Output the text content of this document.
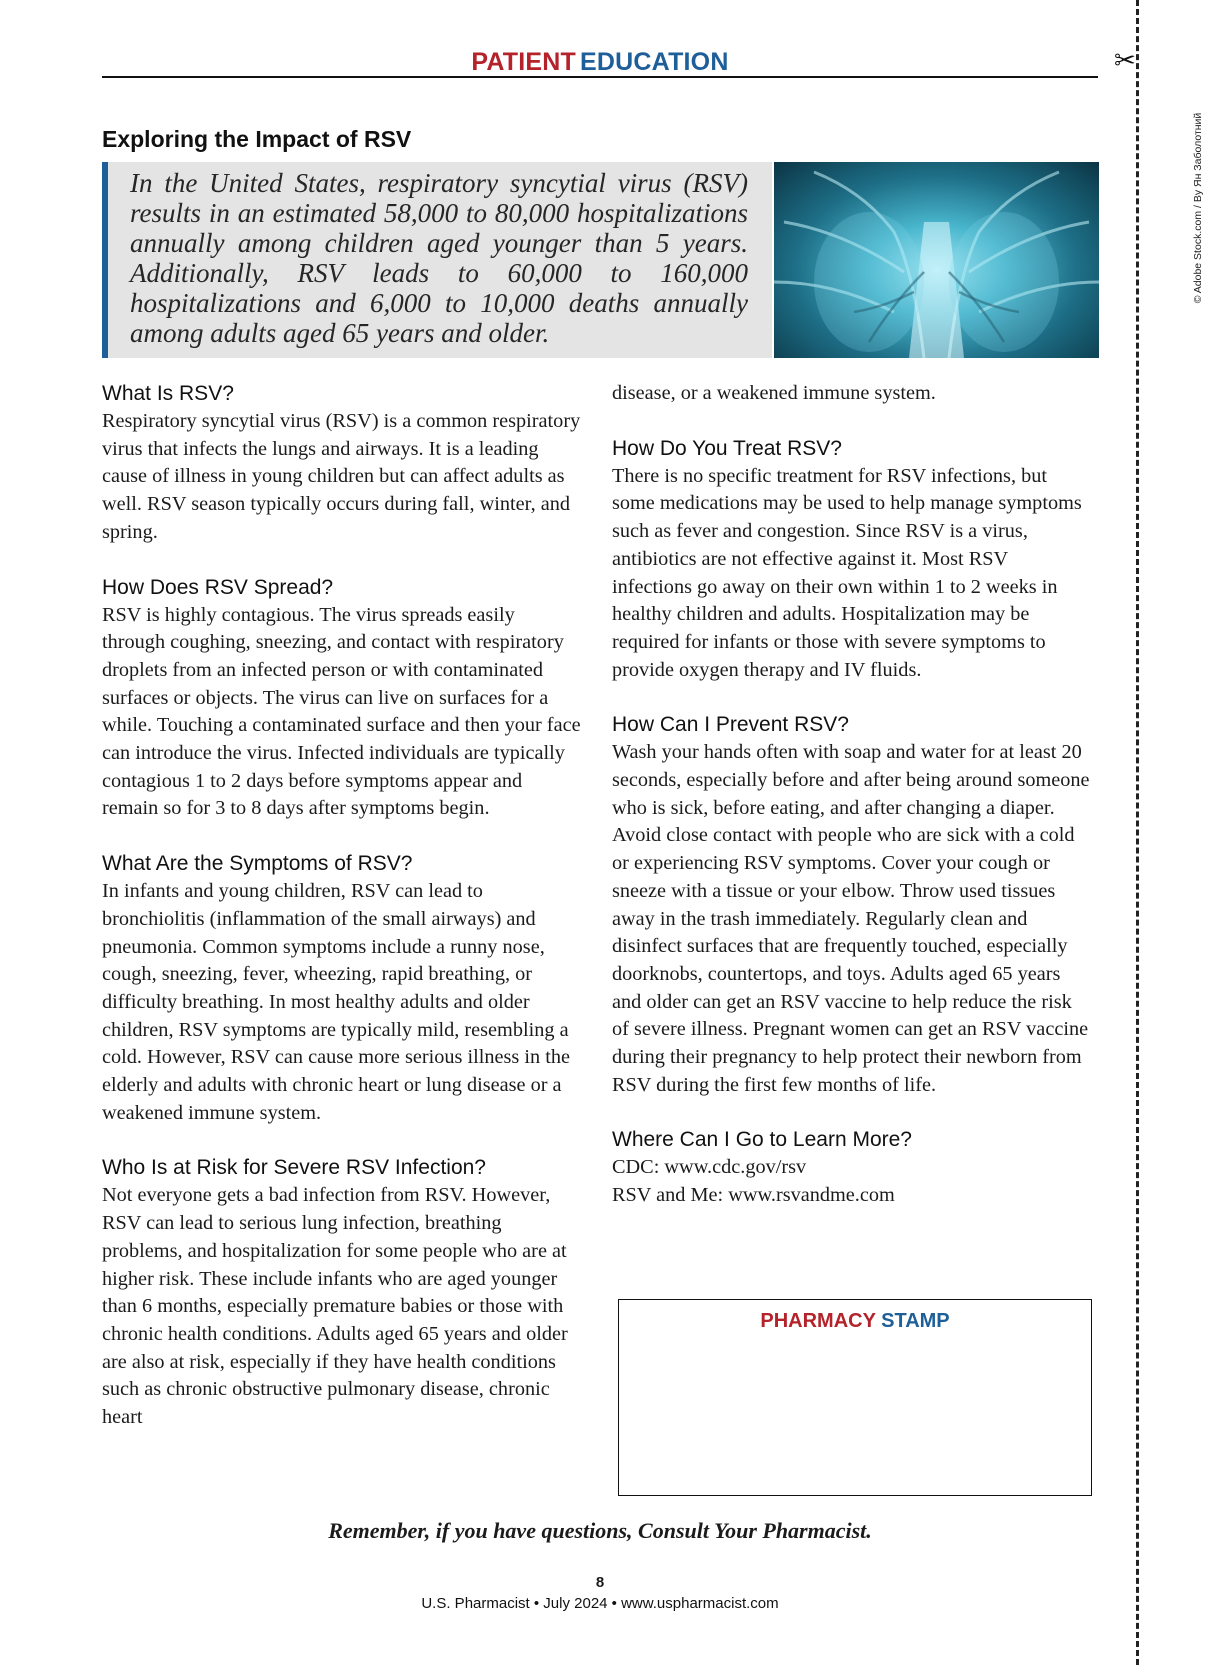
✂
PATIENT EDUCATION
Exploring the Impact of RSV

In the United States, respiratory syncytial virus (RSV) results in an estimated 58,000 to 80,000 hospitalizations annually among children aged younger than 5 years. Additionally, RSV leads to 60,000 to 160,000 hospitalizations and 6,000 to 10,000 deaths annually among adults aged 65 years and older.

© Adobe Stock.com / By Ян Заболотний
What Is RSV?

Respiratory syncytial virus (RSV) is a common respiratory virus that infects the lungs and airways. It is a leading cause of illness in young children but can affect adults as well. RSV season typically occurs during fall, winter, and spring.

How Does RSV Spread?

RSV is highly contagious. The virus spreads easily through coughing, sneezing, and contact with respiratory droplets from an infected person or with contaminated surfaces or objects. The virus can live on surfaces for a while. Touching a contaminated surface and then your face can introduce the virus. Infected individuals are typically contagious 1 to 2 days before symptoms appear and remain so for 3 to 8 days after symptoms begin.

What Are the Symptoms of RSV?

In infants and young children, RSV can lead to bronchiolitis (inflammation of the small airways) and pneumonia. Common symptoms include a runny nose, cough, sneezing, fever, wheezing, rapid breathing, or difficulty breathing. In most healthy adults and older children, RSV symptoms are typically mild, resembling a cold. However, RSV can cause more serious illness in the elderly and adults with chronic heart or lung disease or a weakened immune system.

Who Is at Risk for Severe RSV Infection?

Not everyone gets a bad infection from RSV. However, RSV can lead to serious lung infection, breathing problems, and hospitalization for some people who are at higher risk. These include infants who are aged younger than 6 months, especially premature babies or those with chronic health conditions. Adults aged 65 years and older are also at risk, especially if they have health conditions such as chronic obstructive pulmonary disease, chronic heart

disease, or a weakened immune system.

How Do You Treat RSV?

There is no specific treatment for RSV infections, but some medications may be used to help manage symptoms such as fever and congestion. Since RSV is a virus, antibiotics are not effective against it. Most RSV infections go away on their own within 1 to 2 weeks in healthy children and adults. Hospitalization may be required for infants or those with severe symptoms to provide oxygen therapy and IV fluids.

How Can I Prevent RSV?

Wash your hands often with soap and water for at least 20 seconds, especially before and after being around someone who is sick, before eating, and after changing a diaper. Avoid close contact with people who are sick with a cold or experiencing RSV symptoms. Cover your cough or sneeze with a tissue or your elbow. Throw used tissues away in the trash immediately. Regularly clean and disinfect surfaces that are frequently touched, especially doorknobs, countertops, and toys. Adults aged 65 years and older can get an RSV vaccine to help reduce the risk of severe illness. Pregnant women can get an RSV vaccine during their pregnancy to help protect their newborn from RSV during the first few months of life.

Where Can I Go to Learn More?

CDC: www.cdc.gov/rsv
RSV and Me: www.rsvandme.com

PHARMACY STAMP
Remember, if you have questions, Consult Your Pharmacist.
8
U.S. Pharmacist • July 2024 • www.uspharmacist.com
